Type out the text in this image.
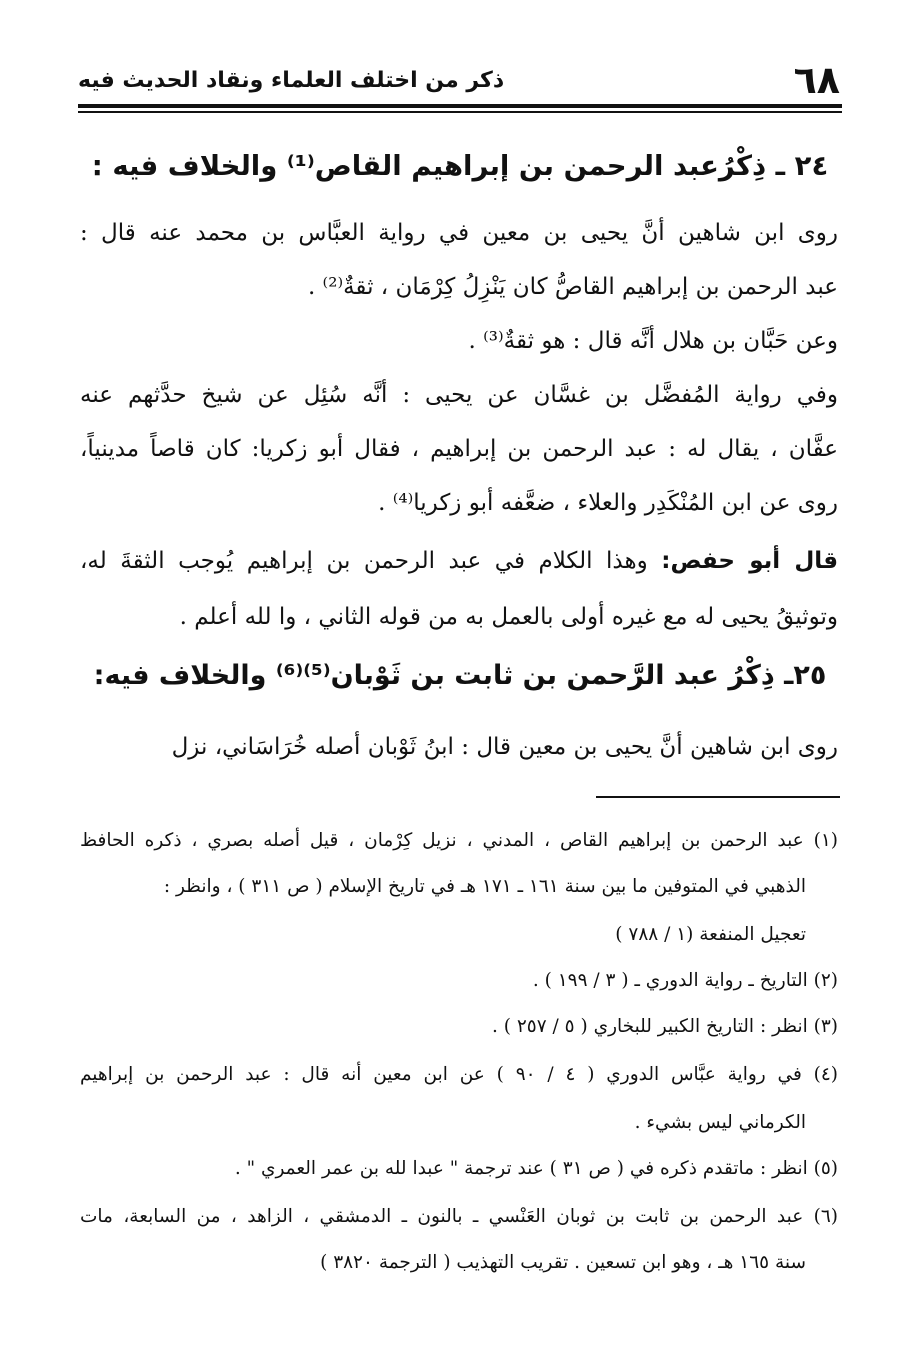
٦٨
ذكر من اختلف العلماء ونقاد الحديث فيه
٢٤ ـ ذِكْرُعبد الرحمن بن إبراهيم القاص⁽¹⁾ والخلاف فيه :
روى ابن شاهين أنَّ يحيى بن معين في رواية العبَّاس بن محمد عنه قال :
عبد الرحمن بن إبراهيم القاصُّ كان يَنْزِلُ كِرْمَان ، ثقةٌ⁽²⁾ .
وعن حَبَّان بن هلال أنَّه قال : هو ثقةٌ⁽³⁾ .
وفي رواية المُفضَّل بن غسَّان عن يحيى : أنَّه سُئِل عن شيخ حدَّثهم عنه
عفَّان ، يقال له : عبد الرحمن بن إبراهيم ، فقال أبو زكريا: كان قاصاً مدينياً،
روى عن ابن المُنْكَدِر والعلاء ، ضعَّفه أبو زكريا⁽⁴⁾ .
قال أبو حفص: وهذا الكلام في عبد الرحمن بن إبراهيم يُوجب الثقةَ له،
وتوثيقُ يحيى له مع غيره أولى بالعمل به من قوله الثاني ، وا لله أعلم .
٢٥ـ ذِكْرُ عبد الرَّحمن بن ثابت بن ثَوْبان⁽⁵⁾⁽⁶⁾ والخلاف فيه:
روى ابن شاهين أنَّ يحيى بن معين قال : ابنُ ثَوْبان أصله خُرَاسَاني، نزل
(١) عبد الرحمن بن إبراهيم القاص ، المدني ، نزيل كِرْمان ، قيل أصله بصري ، ذكره الحافظ
الذهبي في المتوفين ما بين سنة ١٦١ ـ ١٧١ هـ في تاريخ الإسلام ( ص ٣١١ ) ، وانظر :
تعجيل المنفعة (١ / ٧٨٨ )
(٢) التاريخ ـ رواية الدوري ـ ( ٣ / ١٩٩ ) .
(٣) انظر : التاريخ الكبير للبخاري ( ٥ / ٢٥٧ ) .
(٤) في رواية عبَّاس الدوري ( ٤ / ٩٠ ) عن ابن معين أنه قال : عبد الرحمن بن إبراهيم
الكرماني ليس بشيء .
(٥) انظر : ماتقدم ذكره في ( ص ٣١ ) عند ترجمة " عبدا لله بن عمر العمري " .
(٦) عبد الرحمن بن ثابت بن ثوبان العَنْسي ـ بالنون ـ الدمشقي ، الزاهد ، من السابعة، مات
سنة ١٦٥ هـ ، وهو ابن تسعين . تقريب التهذيب ( الترجمة ٣٨٢٠ )
